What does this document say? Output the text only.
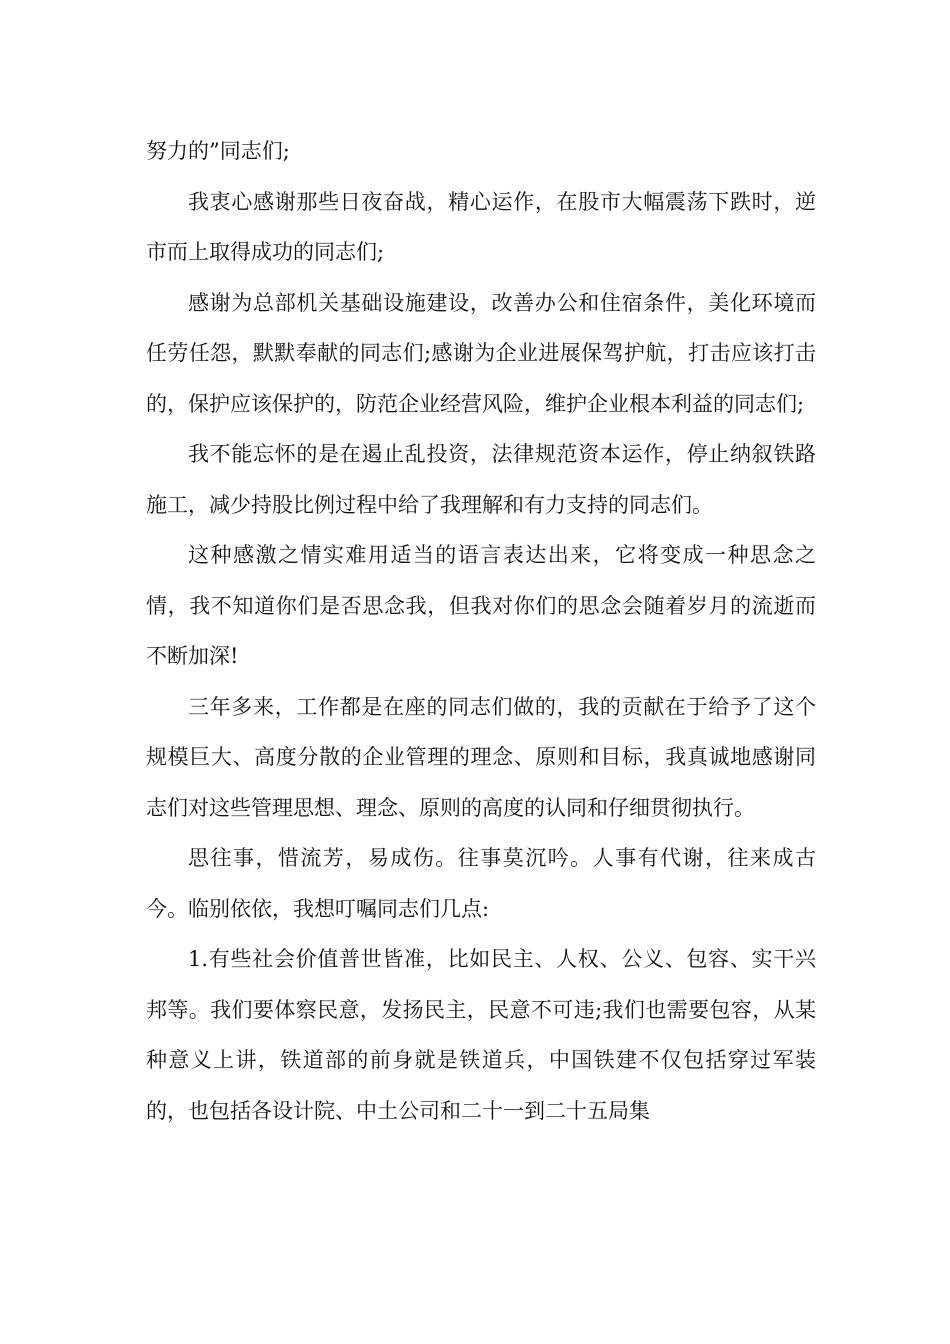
努力的”同志们;

我衷心感谢那些日夜奋战，精心运作，在股市大幅震荡下跌时，逆市而上取得成功的同志们;

感谢为总部机关基础设施建设，改善办公和住宿条件，美化环境而任劳任怨，默默奉献的同志们;感谢为企业进展保驾护航，打击应该打击的，保护应该保护的，防范企业经营风险，维护企业根本利益的同志们;

我不能忘怀的是在遏止乱投资，法律规范资本运作，停止纳叙铁路施工，减少持股比例过程中给了我理解和有力支持的同志们。

这种感激之情实难用适当的语言表达出来，它将变成一种思念之情，我不知道你们是否思念我，但我对你们的思念会随着岁月的流逝而不断加深!

三年多来，工作都是在座的同志们做的，我的贡献在于给予了这个规模巨大、高度分散的企业管理的理念、原则和目标，我真诚地感谢同志们对这些管理思想、理念、原则的高度的认同和仔细贯彻执行。

思往事，惜流芳，易成伤。往事莫沉吟。人事有代谢，往来成古今。临别依依，我想叮嘱同志们几点:

1.有些社会价值普世皆准，比如民主、人权、公义、包容、实干兴邦等。我们要体察民意，发扬民主，民意不可违;我们也需要包容，从某种意义上讲，铁道部的前身就是铁道兵，中国铁建不仅包括穿过军装的，也包括各设计院、中土公司和二十一到二十五局集
